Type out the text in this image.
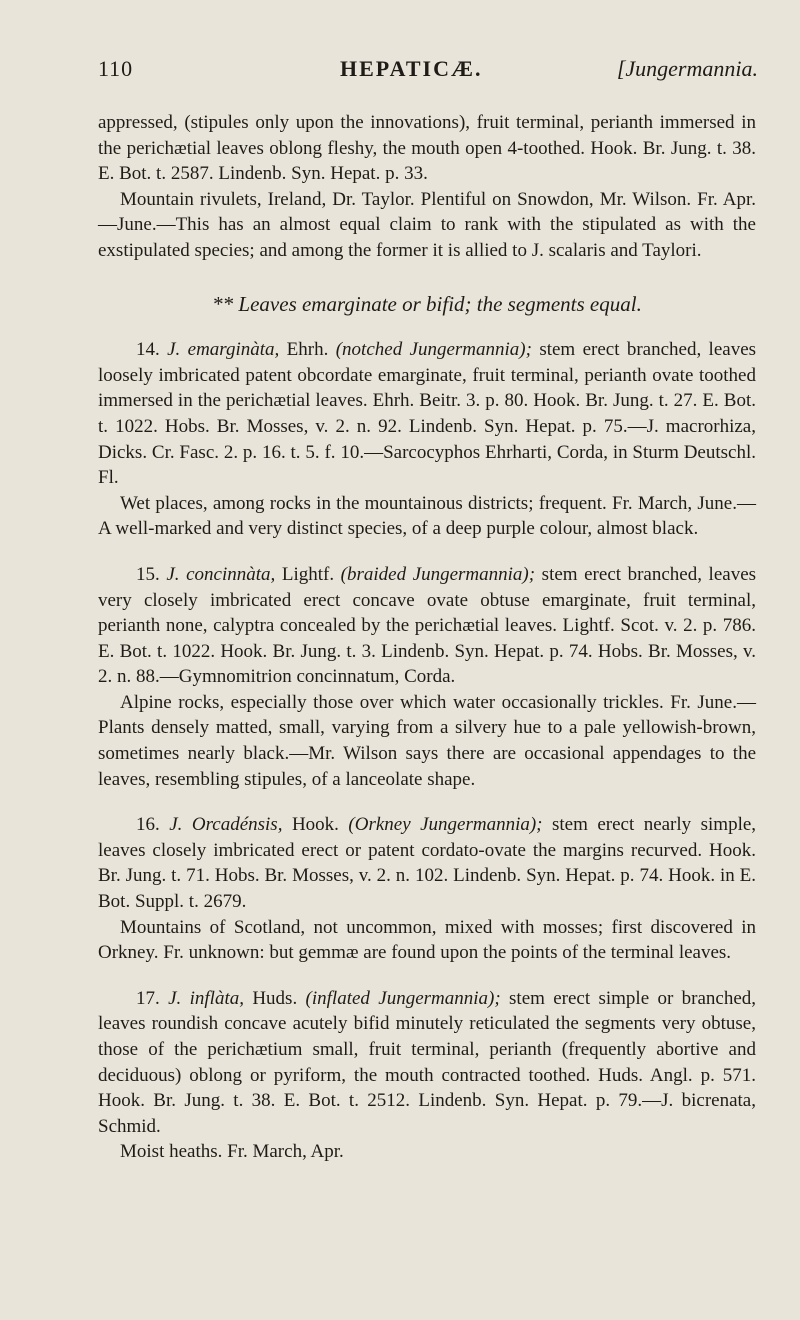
110	HEPATICÆ.	[Jungermannia.

appressed, (stipules only upon the innovations), fruit terminal, perianth immersed in the perichætial leaves oblong fleshy, the mouth open 4-toothed. Hook. Br. Jung. t. 38. E. Bot. t. 2587. Lindenb. Syn. Hepat. p. 33.

Mountain rivulets, Ireland, Dr. Taylor. Plentiful on Snowdon, Mr. Wilson. Fr. Apr.—June.—This has an almost equal claim to rank with the stipulated as with the exstipulated species; and among the former it is allied to J. scalaris and Taylori.

** Leaves emarginate or bifid; the segments equal.

14. J. emarginàta, Ehrh. (notched Jungermannia); stem erect branched, leaves loosely imbricated patent obcordate emarginate, fruit terminal, perianth ovate toothed immersed in the perichætial leaves. Ehrh. Beitr. 3. p. 80. Hook. Br. Jung. t. 27. E. Bot. t. 1022. Hobs. Br. Mosses, v. 2. n. 92. Lindenb. Syn. Hepat. p. 75.—J. macrorhiza, Dicks. Cr. Fasc. 2. p. 16. t. 5. f. 10.—Sarcocyphos Ehrharti, Corda, in Sturm Deutschl. Fl.

Wet places, among rocks in the mountainous districts; frequent. Fr. March, June.—A well-marked and very distinct species, of a deep purple colour, almost black.

15. J. concinnàta, Lightf. (braided Jungermannia); stem erect branched, leaves very closely imbricated erect concave ovate obtuse emarginate, fruit terminal, perianth none, calyptra concealed by the perichætial leaves. Lightf. Scot. v. 2. p. 786. E. Bot. t. 1022. Hook. Br. Jung. t. 3. Lindenb. Syn. Hepat. p. 74. Hobs. Br. Mosses, v. 2. n. 88.—Gymnomitrion concinnatum, Corda.

Alpine rocks, especially those over which water occasionally trickles. Fr. June.—Plants densely matted, small, varying from a silvery hue to a pale yellowish-brown, sometimes nearly black.—Mr. Wilson says there are occasional appendages to the leaves, resembling stipules, of a lanceolate shape.

16. J. Orcadénsis, Hook. (Orkney Jungermannia); stem erect nearly simple, leaves closely imbricated erect or patent cordato-ovate the margins recurved. Hook. Br. Jung. t. 71. Hobs. Br. Mosses, v. 2. n. 102. Lindenb. Syn. Hepat. p. 74. Hook. in E. Bot. Suppl. t. 2679.

Mountains of Scotland, not uncommon, mixed with mosses; first discovered in Orkney. Fr. unknown: but gemmæ are found upon the points of the terminal leaves.

17. J. inflàta, Huds. (inflated Jungermannia); stem erect simple or branched, leaves roundish concave acutely bifid minutely reticulated the segments very obtuse, those of the perichætium small, fruit terminal, perianth (frequently abortive and deciduous) oblong or pyriform, the mouth contracted toothed. Huds. Angl. p. 571. Hook. Br. Jung. t. 38. E. Bot. t. 2512. Lindenb. Syn. Hepat. p. 79.—J. bicrenata, Schmid.

Moist heaths. Fr. March, Apr.
